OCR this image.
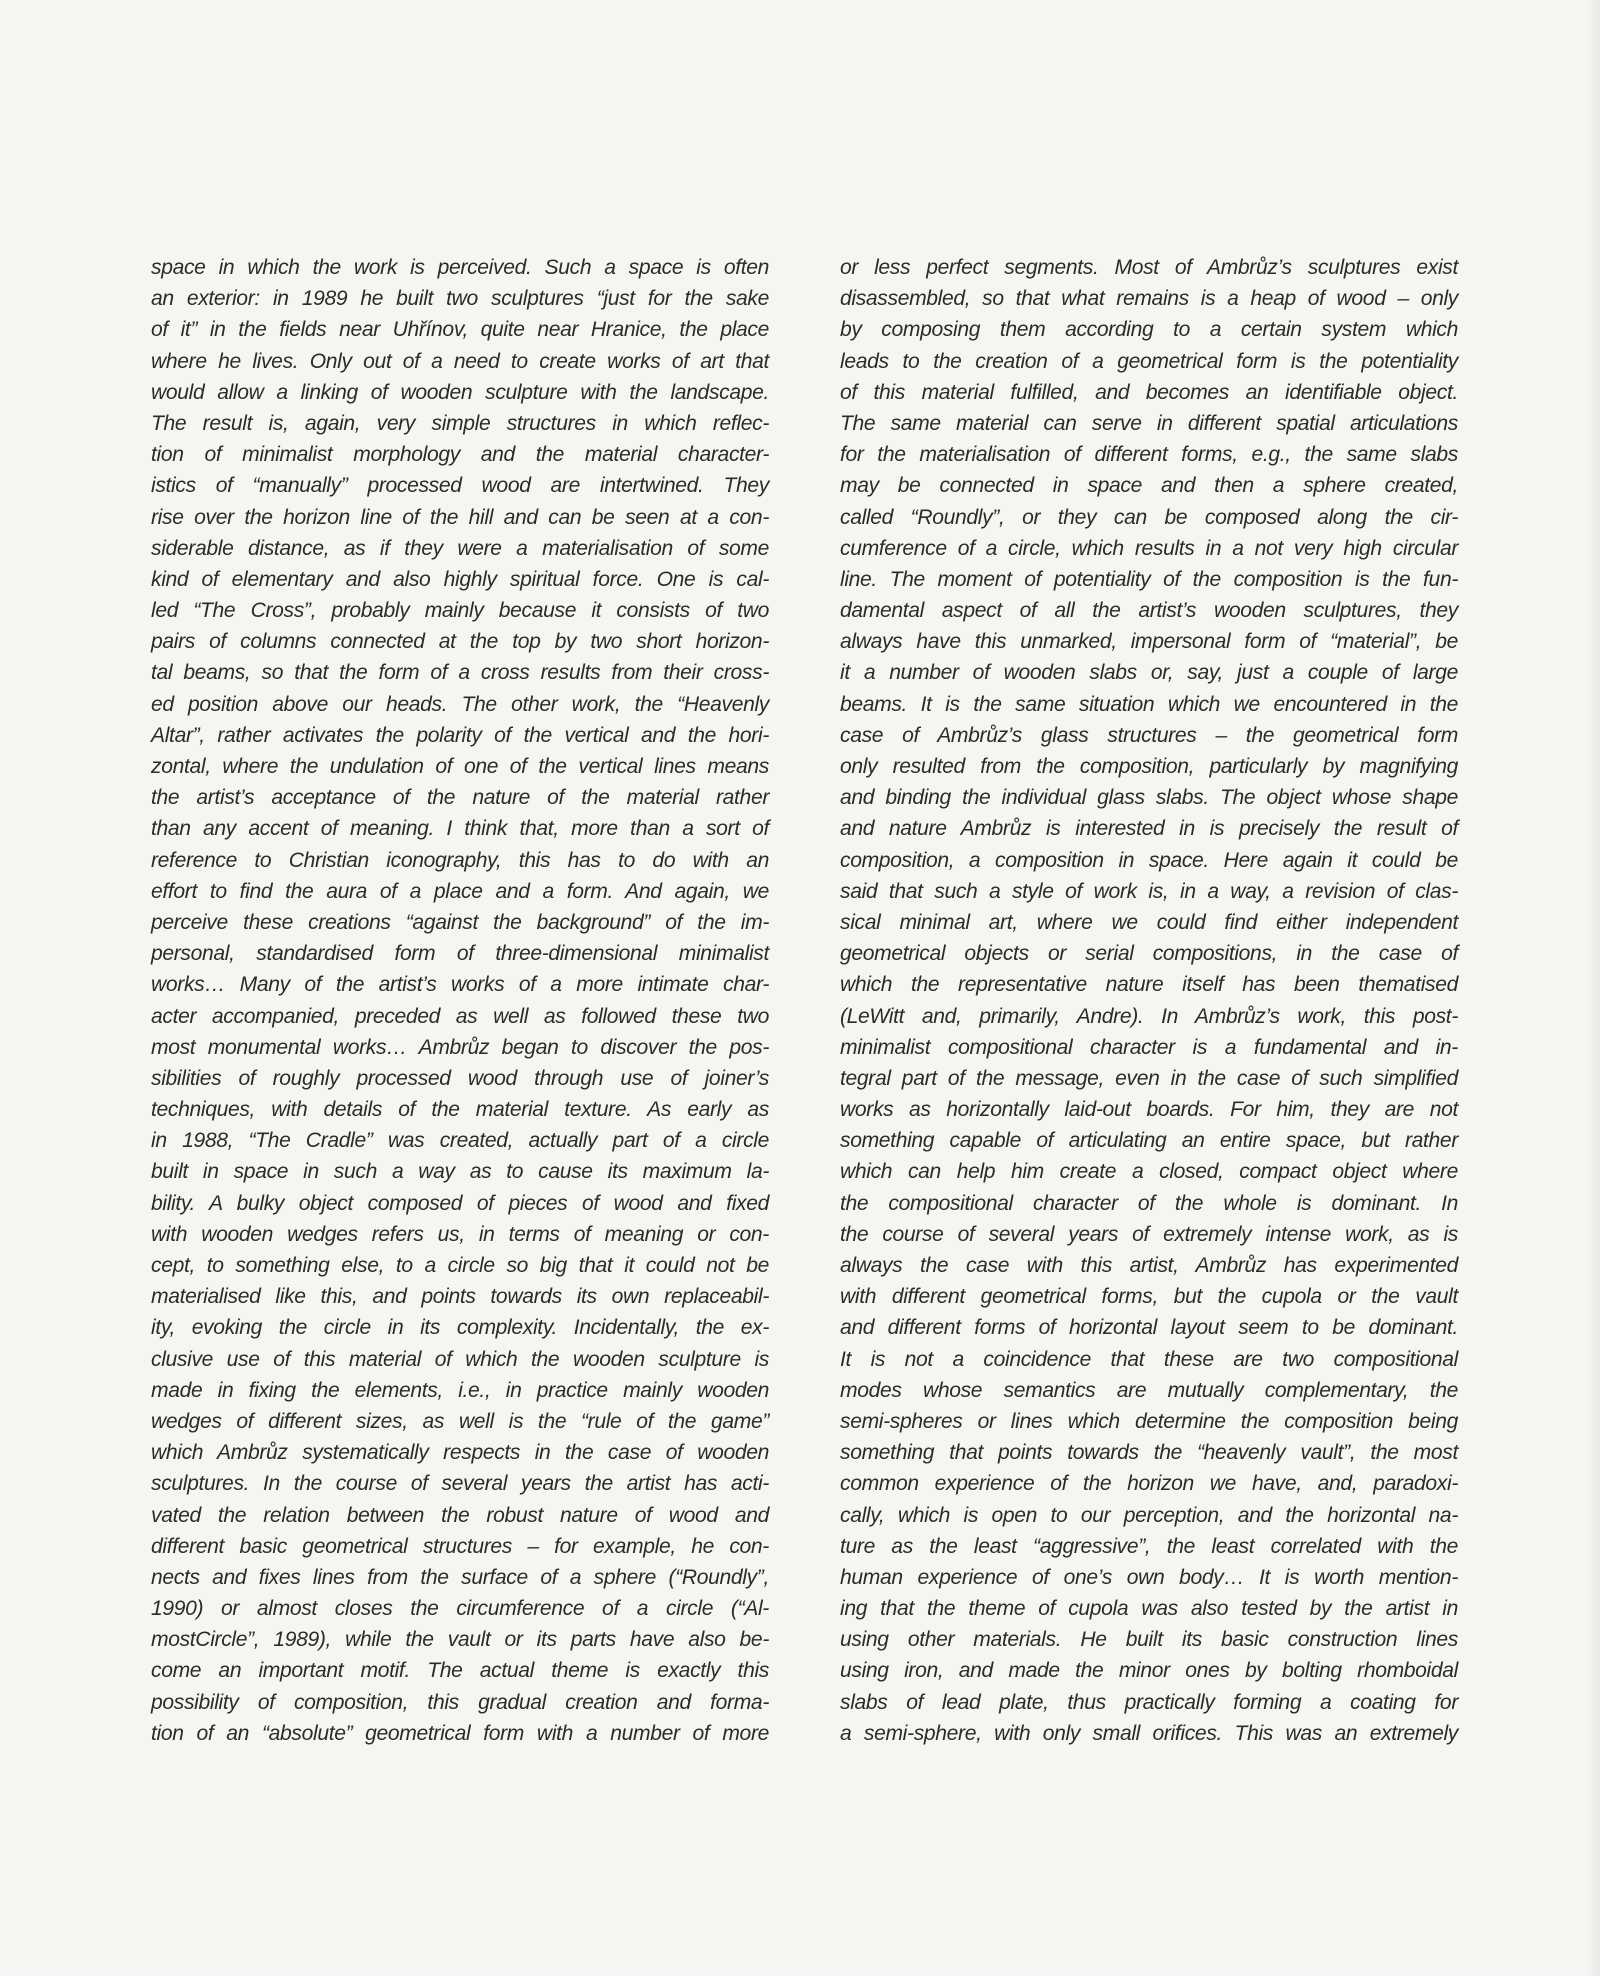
space in which the work is perceived. Such a space is often
an exterior: in 1989 he built two sculptures “just for the sake
of it” in the fields near Uhřínov, quite near Hranice, the place
where he lives. Only out of a need to create works of art that
would allow a linking of wooden sculpture with the landscape.
The result is, again, very simple structures in which reflec-
tion of minimalist morphology and the material character-
istics of “manually” processed wood are intertwined. They
rise over the horizon line of the hill and can be seen at a con-
siderable distance, as if they were a materialisation of some
kind of elementary and also highly spiritual force. One is cal-
led “The Cross”, probably mainly because it consists of two
pairs of columns connected at the top by two short horizon-
tal beams, so that the form of a cross results from their cross-
ed position above our heads. The other work, the “Heavenly
Altar”, rather activates the polarity of the vertical and the hori-
zontal, where the undulation of one of the vertical lines means
the artist’s acceptance of the nature of the material rather
than any accent of meaning. I think that, more than a sort of
reference to Christian iconography, this has to do with an
effort to find the aura of a place and a form. And again, we
perceive these creations “against the background” of the im-
personal, standardised form of three-dimensional minimalist
works… Many of the artist’s works of a more intimate char-
acter accompanied, preceded as well as followed these two
most monumental works… Ambrůz began to discover the pos-
sibilities of roughly processed wood through use of joiner’s
techniques, with details of the material texture. As early as
in 1988, “The Cradle” was created, actually part of a circle
built in space in such a way as to cause its maximum la-
bility. A bulky object composed of pieces of wood and fixed
with wooden wedges refers us, in terms of meaning or con-
cept, to something else, to a circle so big that it could not be
materialised like this, and points towards its own replaceabil-
ity, evoking the circle in its complexity. Incidentally, the ex-
clusive use of this material of which the wooden sculpture is
made in fixing the elements, i.e., in practice mainly wooden
wedges of different sizes, as well is the “rule of the game”
which Ambrůz systematically respects in the case of wooden
sculptures. In the course of several years the artist has acti-
vated the relation between the robust nature of wood and
different basic geometrical structures – for example, he con-
nects and fixes lines from the surface of a sphere (“Roundly”,
1990) or almost closes the circumference of a circle (“Al-
mostCircle”, 1989), while the vault or its parts have also be-
come an important motif. The actual theme is exactly this
possibility of composition, this gradual creation and forma-
tion of an “absolute” geometrical form with a number of more
or less perfect segments. Most of Ambrůz’s sculptures exist
disassembled, so that what remains is a heap of wood – only
by composing them according to a certain system which
leads to the creation of a geometrical form is the potentiality
of this material fulfilled, and becomes an identifiable object.
The same material can serve in different spatial articulations
for the materialisation of different forms, e.g., the same slabs
may be connected in space and then a sphere created,
called “Roundly”, or they can be composed along the cir-
cumference of a circle, which results in a not very high circular
line. The moment of potentiality of the composition is the fun-
damental aspect of all the artist’s wooden sculptures, they
always have this unmarked, impersonal form of “material”, be
it a number of wooden slabs or, say, just a couple of large
beams. It is the same situation which we encountered in the
case of Ambrůz’s glass structures – the geometrical form
only resulted from the composition, particularly by magnifying
and binding the individual glass slabs. The object whose shape
and nature Ambrůz is interested in is precisely the result of
composition, a composition in space. Here again it could be
said that such a style of work is, in a way, a revision of clas-
sical minimal art, where we could find either independent
geometrical objects or serial compositions, in the case of
which the representative nature itself has been thematised
(LeWitt and, primarily, Andre). In Ambrůz’s work, this post-
minimalist compositional character is a fundamental and in-
tegral part of the message, even in the case of such simplified
works as horizontally laid-out boards. For him, they are not
something capable of articulating an entire space, but rather
which can help him create a closed, compact object where
the compositional character of the whole is dominant. In
the course of several years of extremely intense work, as is
always the case with this artist, Ambrůz has experimented
with different geometrical forms, but the cupola or the vault
and different forms of horizontal layout seem to be dominant.
It is not a coincidence that these are two compositional
modes whose semantics are mutually complementary, the
semi-spheres or lines which determine the composition being
something that points towards the “heavenly vault”, the most
common experience of the horizon we have, and, paradoxi-
cally, which is open to our perception, and the horizontal na-
ture as the least “aggressive”, the least correlated with the
human experience of one’s own body… It is worth mention-
ing that the theme of cupola was also tested by the artist in
using other materials. He built its basic construction lines
using iron, and made the minor ones by bolting rhomboidal
slabs of lead plate, thus practically forming a coating for
a semi-sphere, with only small orifices. This was an extremely
